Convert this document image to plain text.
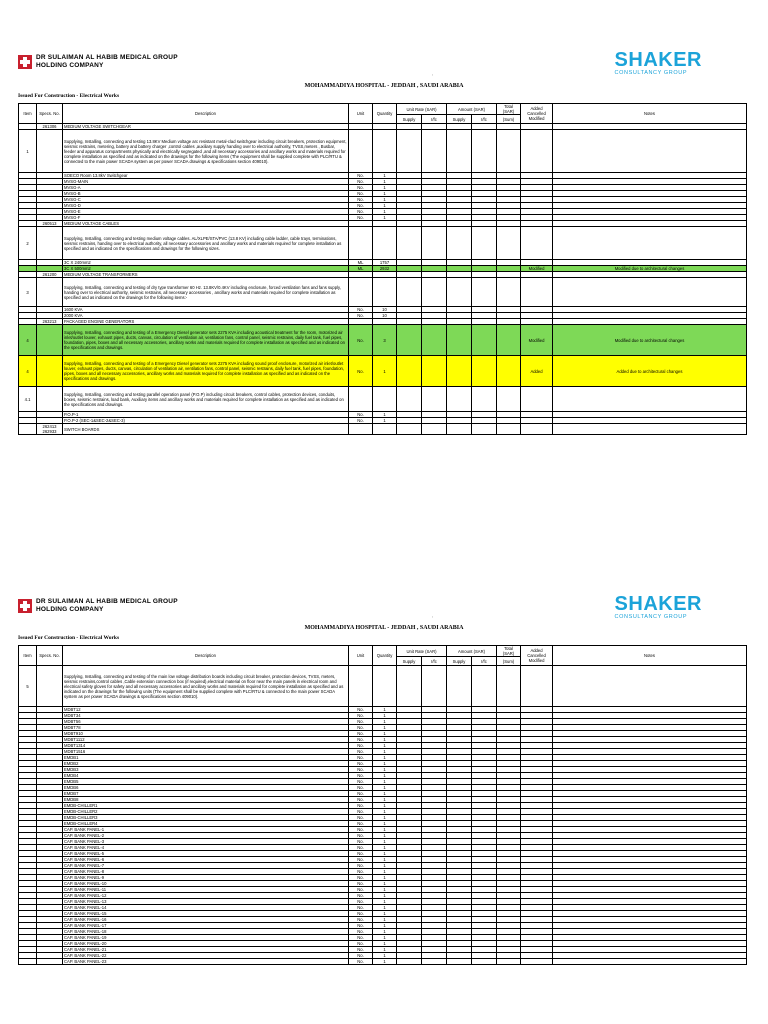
DR SULAIMAN AL HABIB MEDICAL GROUP
HOLDING COMPANY	SHAKER
CONSULTANCY GROUP
,
MOHAMMADIYA HOSPITAL - JEDDAH , SAUDI ARABIA
Issued For Construction - Electrical Works
Item	Specs. No.	Description	Unit	Quantity	Unit Rate (SAR)		Amount (SAR)		Total (SAR)	Added Cancelled Modified	Notes
					Supply	I/fc	Supply	I/fc	(Sum)		
	261306	MEDIUM VOLTAGE SWITCHGEAR									
1		Supplying, Installing, connecting and testing 13.8KV Medium voltage arc resistant metal-clad switchgear including circuit breakers, protection equipment, seismic restrains, metering, battery and battery charger ,control cables ,auxiliary supply handing over to electrical authority, TVSS,meters , Busbar, feeder and apparatus compartments physically and electrically segregated ,and all necessary accessories and ancillary works and materials required for complete installation as specified and as indicated on the drawings for the following items (The equipment shall be supplied complete with PLC/RTU & connected to the main power SCADA system as per power SCADA drawings & specifications section 409010).									
		SOECO Room 13.8kV Switchgear	No.	1							
		MVSG-MAIN	No.	1							
		MVSG-A	No.	1							
		MVSG-B	No.	1							
		MVSG-C	No.	1							
		MVSG-D	No.	1							
		MVSG-E	No.	1							
		MVSG-F	No.	1							
	260513	MEDIUM VOLTAGE CABLES									
2		Supplying, Installing, connecting and testing medium voltage cables. AL/XLPE/STA/PVC (13.8 KV) including cable ladder, cable trays, terminations, seismic restrains, handing over to electrical authority, all necessary accessories and ancillary works and materials required for complete installation as specified and as indicated on the specifications and drawings for the following sizes.									
		3C X 240mm2	ML	1757							
		3C X 500mm2	ML	2932						Modified	Modified due to architectural changes
	261200	MEDIUM VOLTAGE TRANSFORMERS									
3		Supplying, Installing, connecting and testing of dry type transformer 60 Hz. 13.8KV/0.4KV including enclosure, forced ventilation fans and fans supply, handing over to electrical authority, seismic restrains, all necessary accessories , ancillary works and materials required for complete installation as specified and as indicated on the drawings for the following items:-									
		1600 KVA	No.	10							
		2000 KVA	No.	10							
	263213	PACKAGED ENGINE GENERATORS									
4		Supplying, Installing, connecting and testing of a Emergency Diesel generator sets 2275 KVA including acoustical treatment for the room, motorized air inlet/outlet louver, exhaust pipes, ducts, canvas, circulation of ventilation air, ventilation fans, control panel, seismic restrains, daily fuel tank, fuel pipes, foundation, pipes, boxes and all necessary accessories, ancillary works and materials required for complete installation as specified and as indicated on the specifications and drawings.	No.	3						Modified	Modified due to architectural changes
4		Supplying, Installing, connecting and testing of a Emergency Diesel generator sets 2275 KVA including sound proof enclosure, motorized air inlet/outlet louver, exhaust pipes, ducts, canvas, circulation of ventilation air, ventilation fans, control panel, seismic restrains, daily fuel tank, fuel pipes, foundation, pipes, boxes and all necessary accessories, ancillary works and materials required for complete installation as specified and as indicated on the specifications and drawings.	No.	1						Added	Added due to architectural changes
4.1		Supplying, Installing, connecting and testing parallel operation panel (P.O.P) including circuit breakers, control cables, protection devices, conduits, boxes, seismic restrains, load bank, Auxiliary items and ancillary works and materials required for complete installation as specified and as indicated on the specifications and drawings.									
		P.O.P-1	No.	1							
		P.O.P-2 (SEC-1&SEC-2&SEC-3)	No.	1							
	262413 262933	SWITCH BOARDS									
DR SULAIMAN AL HABIB MEDICAL GROUP
HOLDING COMPANY	SHAKER
CONSULTANCY GROUP
,
MOHAMMADIYA HOSPITAL - JEDDAH , SAUDI ARABIA
Issued For Construction - Electrical Works
Item	Specs. No.	Description	Unit	Quantity	Unit Rate (SAR)		Amount (SAR)		Total (SAR)	Added Cancelled Modified	Notes
					Supply	I/fc	Supply	I/fc	(Sum)		
5		Supplying, Installing, connecting and testing of the main low voltage distribution boards including circuit breaker, protection devices, TVSS, meters, seismic restrains,control cables ,Cable extension connection box (if required),electrical material on floor near the main panels in electrical room and electrical safety gloves for safety and all necessary accessories and ancillary works and materials required for complete installation as specified and as indicated on the drawings for the following units (The equipment shall be supplied complete with PLC/RTU & connected to the main power SCADA system as per power SCADA drawings & specifications section 409010).									
		MDBT12	No.	1							
		MDBT34	No.	1							
		MDBT56	No.	1							
		MDBT78	No.	1							
		MDBT910	No.	1							
		MDBT1112	No.	1							
		MDBT1314	No.	1							
		MDBT1516	No.	1							
		EMDB1	No.	1							
		EMDB2	No.	1							
		EMDB3	No.	1							
		EMDB4	No.	1							
		EMDB5	No.	1							
		EMDB6	No.	1							
		EMDB7	No.	1							
		EMDB8	No.	1							
		EMDB-CHILLER1	No.	1							
		EMDB-CHILLER2	No.	1							
		EMDB-CHILLER3	No.	1							
		EMDB-CHILLER4	No.	1							
		CAP. BANK PANEL-1	No.	1							
		CAP. BANK PANEL-2	No.	1							
		CAP. BANK PANEL-3	No.	1							
		CAP. BANK PANEL-4	No.	1							
		CAP. BANK PANEL-5	No.	1							
		CAP. BANK PANEL-6	No.	1							
		CAP. BANK PANEL-7	No.	1							
		CAP. BANK PANEL-8	No.	1							
		CAP. BANK PANEL-9	No.	1							
		CAP. BANK PANEL-10	No.	1							
		CAP. BANK PANEL-11	No.	1							
		CAP. BANK PANEL-12	No.	1							
		CAP. BANK PANEL-13	No.	1							
		CAP. BANK PANEL-14	No.	1							
		CAP. BANK PANEL-15	No.	1							
		CAP. BANK PANEL-16	No.	1							
		CAP. BANK PANEL-17	No.	1							
		CAP. BANK PANEL-18	No.	1							
		CAP. BANK PANEL-19	No.	1							
		CAP. BANK PANEL-20	No.	1							
		CAP. BANK PANEL-21	No.	1							
		CAP. BANK PANEL-22	No.	1							
		CAP. BANK PANEL-23	No.	1							
